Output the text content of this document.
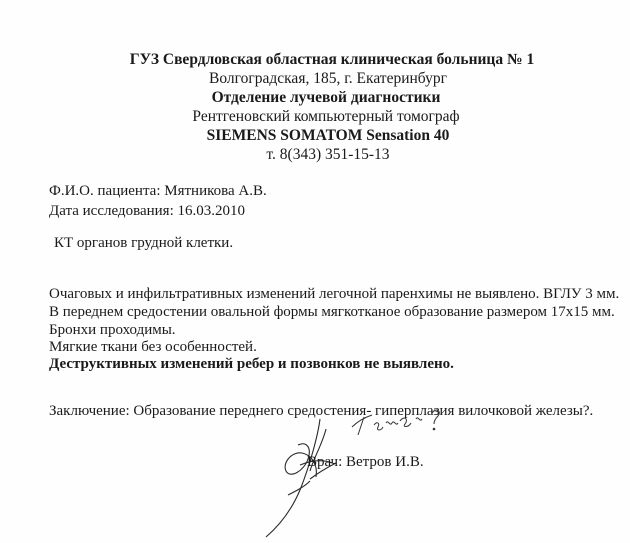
ГУЗ Свердловская областная клиническая больница № 1
Волгоградская, 185, г. Екатеринбург
Отделение лучевой диагностики
Рентгеновский компьютерный томограф
SIEMENS SOMATOM Sensation 40
т. 8(343) 351-15-13
Ф.И.О. пациента: Мятникова А.В.
Дата исследования: 16.03.2010
КТ органов грудной клетки.
Очаговых и инфильтративных изменений легочной паренхимы не выявлено. ВГЛУ 3 мм.
В переднем средостении овальной формы мягкотканое образование размером 17х15 мм.
Бронхи проходимы.
Мягкие ткани без особенностей.
Деструктивных изменений ребер и позвонков не выявлено.
Заключение: Образование переднего средостения- гиперплазия вилочковой железы?.
Врач: Ветров И.В.
